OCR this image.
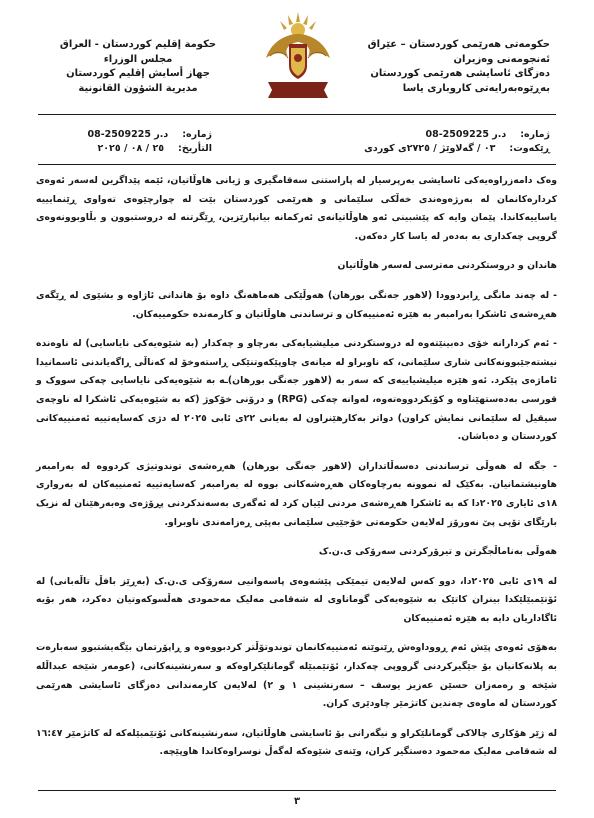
حكومەتی هەرێمی كوردستان – عێراق
ئەنجومەنی وەزیران
دەزگای ئاسایشی هەرێمی کوردستان
بەڕێوەبەرایەتی کاروباری یاسا
حكومة إقليم كوردستان - العراق
مجلس الوزراء
جهاز أسايش إقليم كوردستان
مديرية الشؤون القانونية
ژمارە:
د.ر 2509225-08
ڕێکەوت:
٠٣ / گەلاوێژ / ٢٧٢٥ی کوردی
ژمارە:
د.ر 2509225-08
التأريخ:
٢٥ / ٠٨ / ٢٠٢٥

وەک دامەزراوەیەکی ئاسایشی بەرپرسیار لە پاراستنی سەقامگیری و ژیانی هاوڵاتیان، ئێمە پێداگرین لەسەر ئەوەی کردارەکانمان لە بەرژەوەندی خەڵکی سلێمانی و هەرێمی کوردستان بێت لە چوارچێوەی تەواوی ڕێنمایییە یاساییەکاندا. پێمان وایە کە پێشبینی ئەو هاوڵاتیانەی ئەرکمانە بیانپارێزین، ڕێگرتنە لە دروستبوون و بڵاوبوونەوەی گروپی چەکداری بە بەدەر لە یاسا کار دەکەن.

هاندان و دروستکردنی مەترسی لەسەر هاوڵاتیان

- لە چەند مانگی ڕابردوودا (لاهور جەنگی بورهان) هەوڵێکی هەماهەنگ داوە بۆ هاندانی ئاژاوە و بشێوی لە ڕێگەی هەڕەشەی ئاشکرا بەرامبەر بە هێزە ئەمنییەکان و ترساندنی هاوڵاتیان و کارمەندە حکومییەکان.

- ئەم کردارانە خۆی دەبینێتەوە لە دروستکردنی میلیشیایەکی بەرچاو و چەکدار (بە شێوەیەکی نایاسایی) لە ناوەندە نیشتەجێبوونەکانی شاری سلێمانی، کە ناوبراو لە میانەی چاوپێکەوتنێکی ڕاستەوخۆ لە کەناڵی ڕاگەیاندنی ئاسمانیدا ئاماژەی پێکرد. ئەو هێزە میلیشیاییەی کە سەر بە (لاهور جەنگی بورهان)ـە بە شێوەیەکی نایاسایی چەکی سووک و قورسی بەدەستهێناوە و کۆیکردووەتەوە، لەوانە چەکی (RPG) و درۆنی خۆکوژ (کە بە شێوەیەکی ئاشکرا لە ناوچەی سیقیل لە سلێمانی نمایش کراون) دواتر بەکارهێنراون لە بەیانی ٢٢ی ئابی ٢٠٢٥ لە دژی کەسایەتییە ئەمنییەکانی کوردستان و دەباشان.

- جگە لە هەوڵی ترساندنی دەسەڵاتداران (لاهور جەنگی بورهان) هەڕەشەی توندوتیژی کردووە لە بەرامبەر هاونیشتمانیان. بەکێک لە نموونە بەرچاوەکان هەڕەشەکانی بووە لە بەرامبەر کەسایەتییە ئەمنییەکان لە بەرواری ١٨ی ئایاری ٢٠٢٥دا کە بە ئاشکرا هەڕەشەی مردنی لێیان کرد لە ئەگەری بەسەندکردنی پڕۆژەی وەبەرهێنان لە نزیک بارێگای تۆپی پێ نەورۆز لەلایەن حکومەتی خۆجێیی سلێمانی بەپێی ڕەزامەندی ناوبراو.

هەوڵی بەناماڵجگرتن و تیرۆرکردنی سەرۆکی ی.ن.ک

لە ١٩ی ئابی ٢٠٢٥دا، دوو کەس لەلایەن تیمێکی پێشەوەی پاسەوانیی سەرۆکی ی.ن.ک (بەڕێز بافڵ تاڵەبانی) لە ئۆتێمبێلێکدا بینران کاتێک بە شێوەیەکی گوماناوی لە شەقامی مەلیک مەحمودی هەڵسوکەوتیان دەکرد، هەر بۆیە ئاگاداریان دایە بە هێزە ئەمنییەکان

بەهۆی ئەوەی پێش ئەم ڕووداوەش ڕێنوێنە ئەمنییەکانمان توندوتۆڵتر کردبووەوە و ڕاپۆرتمان بێگەیشتبوو سەبارەت بە پلانەکانیان بۆ جێگیرکردنی گرووپی چەکدار، ئۆتێمبێلە گومانلێکراوەکە و سەرنشینەکانی، (عومەر شێخە عبداڵلە شێخە و رەمەزان حسێن عەزیز یوسف – سەرنشینی ١ و ٢) لەلایەن کارمەندانی دەزگای ئاسایشی هەرێمی کوردستان لە ماوەی چەندین کاتژمێر چاودێری کران.

لە ژێر هۆکاری چالاکی گومانلێکراو و نیگەرانی بۆ ئاسایشی هاوڵاتیان، سەرنشینەکانی ئۆتێمبێلەکە لە کاتژمێر ١٦:٤٧ لە شەقامی مەلیک مەحمود دەستگیر کران، وێنەی شێوەکە لەگەڵ نوسراوەکاندا هاوپێچە.

٣
